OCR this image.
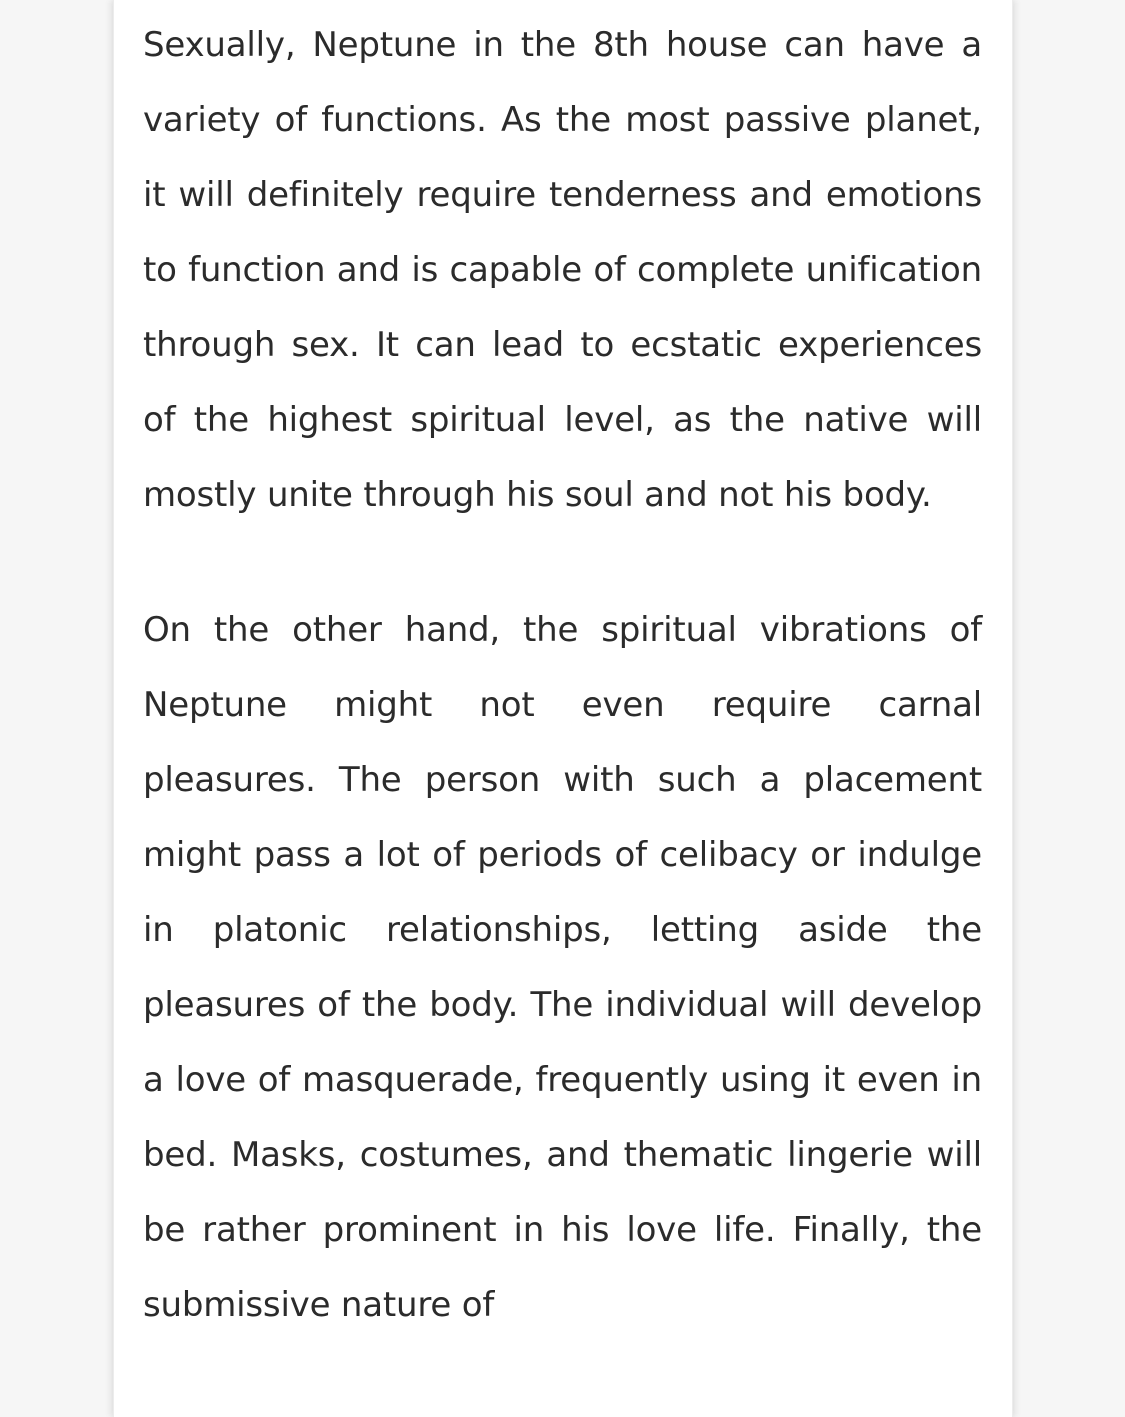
Sexually, Neptune in the 8th house can have a variety of functions. As the most passive planet, it will definitely require tenderness and emotions to function and is capable of complete unification through sex. It can lead to ecstatic experiences of the highest spiritual level, as the native will mostly unite through his soul and not his body.

On the other hand, the spiritual vibrations of Neptune might not even require carnal pleasures. The person with such a placement might pass a lot of periods of celibacy or indulge in platonic relationships, letting aside the pleasures of the body. The individual will develop a love of masquerade, frequently using it even in bed. Masks, costumes, and thematic lingerie will be rather prominent in his love life. Finally, the submissive nature of
